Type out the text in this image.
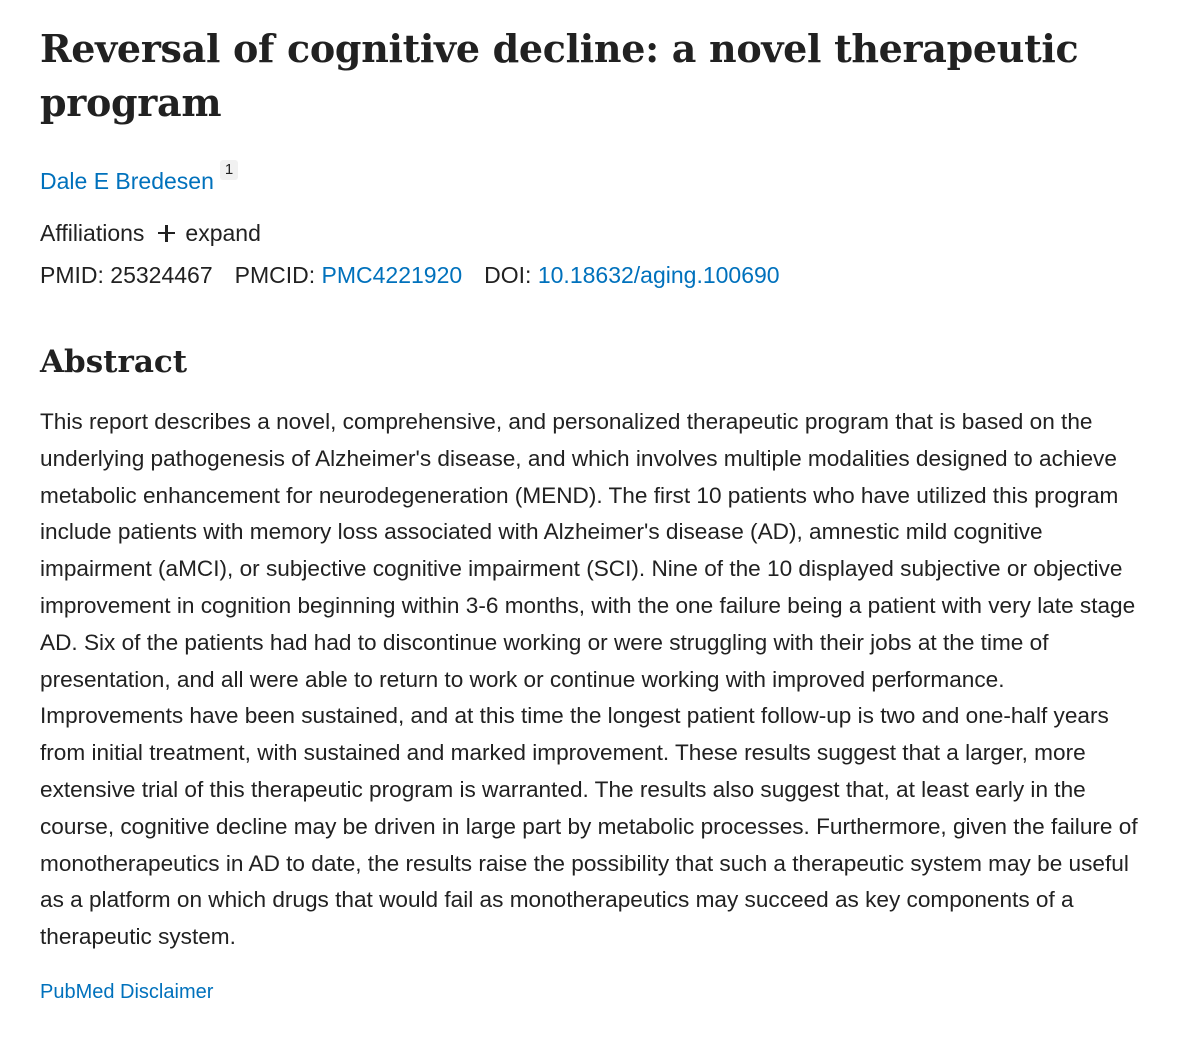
Reversal of cognitive decline: a novel therapeutic program
Dale E Bredesen 1
Affiliations expand
PMID: 25324467 PMCID: PMC4221920 DOI: 10.18632/aging.100690
Abstract
This report describes a novel, comprehensive, and personalized therapeutic program that is based on the underlying pathogenesis of Alzheimer's disease, and which involves multiple modalities designed to achieve metabolic enhancement for neurodegeneration (MEND). The first 10 patients who have utilized this program include patients with memory loss associated with Alzheimer's disease (AD), amnestic mild cognitive impairment (aMCI), or subjective cognitive impairment (SCI). Nine of the 10 displayed subjective or objective improvement in cognition beginning within 3-6 months, with the one failure being a patient with very late stage AD. Six of the patients had had to discontinue working or were struggling with their jobs at the time of presentation, and all were able to return to work or continue working with improved performance. Improvements have been sustained, and at this time the longest patient follow-up is two and one-half years from initial treatment, with sustained and marked improvement. These results suggest that a larger, more extensive trial of this therapeutic program is warranted. The results also suggest that, at least early in the course, cognitive decline may be driven in large part by metabolic processes. Furthermore, given the failure of monotherapeutics in AD to date, the results raise the possibility that such a therapeutic system may be useful as a platform on which drugs that would fail as monotherapeutics may succeed as key components of a therapeutic system.
PubMed Disclaimer
